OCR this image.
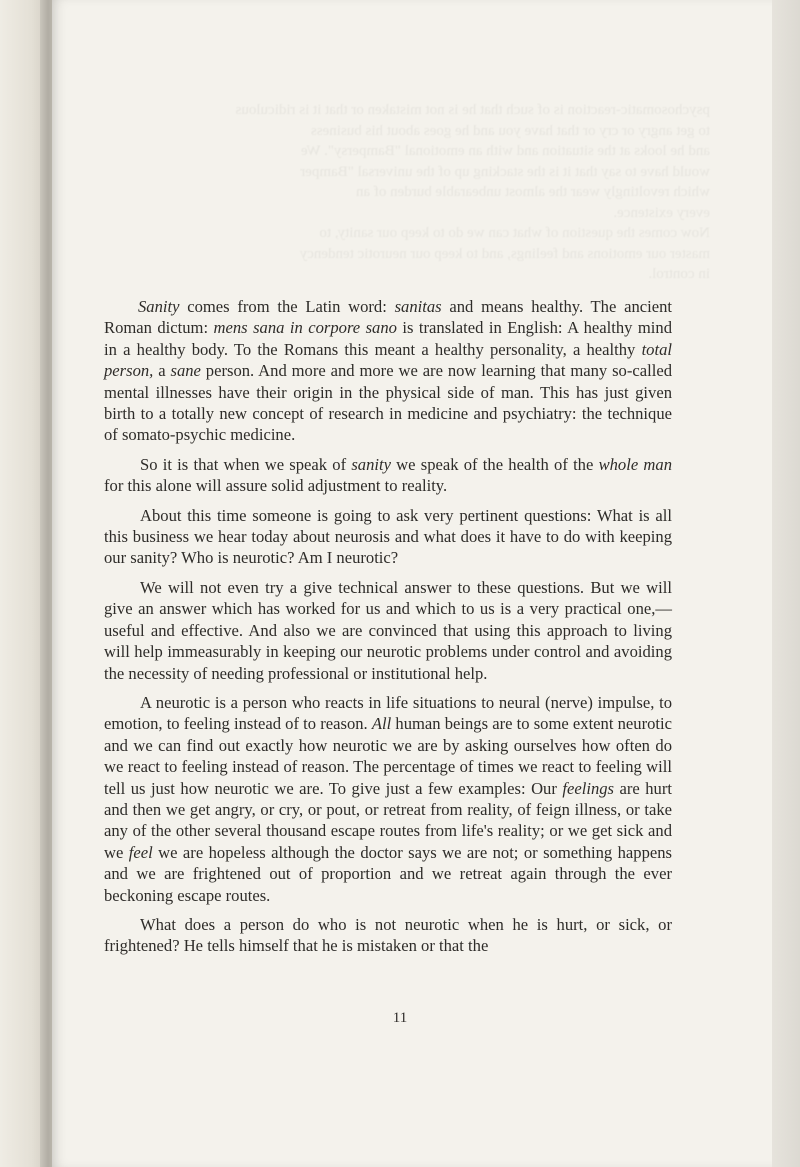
psychosomatic-reaction is of such that he is not mistaken or that it is ridiculous
to get angry or cry or that have you and he goes about his business
and he looks at the situation and with an emotional "Bampersy". We
would have to say that it is the stacking up of the universal "Bamper
which revoltingly wear the almost unbearable burden of an
every existence.
Now comes the question of what can we do to keep our sanity, to
master our emotions and feelings, and to keep our neurotic tendency
in control.

Sanity comes from the Latin word: sanitas and means healthy. The ancient Roman dictum: mens sana in corpore sano is translated in English: A healthy mind in a healthy body. To the Romans this meant a healthy personality, a healthy total person, a sane person. And more and more we are now learning that many so-called mental illnesses have their origin in the physical side of man. This has just given birth to a totally new concept of research in medicine and psychiatry: the technique of somato-psychic medicine.

So it is that when we speak of sanity we speak of the health of the whole man for this alone will assure solid adjustment to reality.

About this time someone is going to ask very pertinent questions: What is all this business we hear today about neurosis and what does it have to do with keeping our sanity? Who is neurotic? Am I neurotic?

We will not even try a give technical answer to these questions. But we will give an answer which has worked for us and which to us is a very practical one,—useful and effective. And also we are convinced that using this approach to living will help immeasurably in keeping our neurotic problems under control and avoiding the necessity of needing professional or institutional help.

A neurotic is a person who reacts in life situations to neural (nerve) impulse, to emotion, to feeling instead of to reason. All human beings are to some extent neurotic and we can find out exactly how neurotic we are by asking ourselves how often do we react to feeling instead of reason. The percentage of times we react to feeling will tell us just how neurotic we are. To give just a few examples: Our feelings are hurt and then we get angry, or cry, or pout, or retreat from reality, of feign illness, or take any of the other several thousand escape routes from life's reality; or we get sick and we feel we are hopeless although the doctor says we are not; or something happens and we are frightened out of proportion and we retreat again through the ever beckoning escape routes.

What does a person do who is not neurotic when he is hurt, or sick, or frightened? He tells himself that he is mistaken or that the

11
